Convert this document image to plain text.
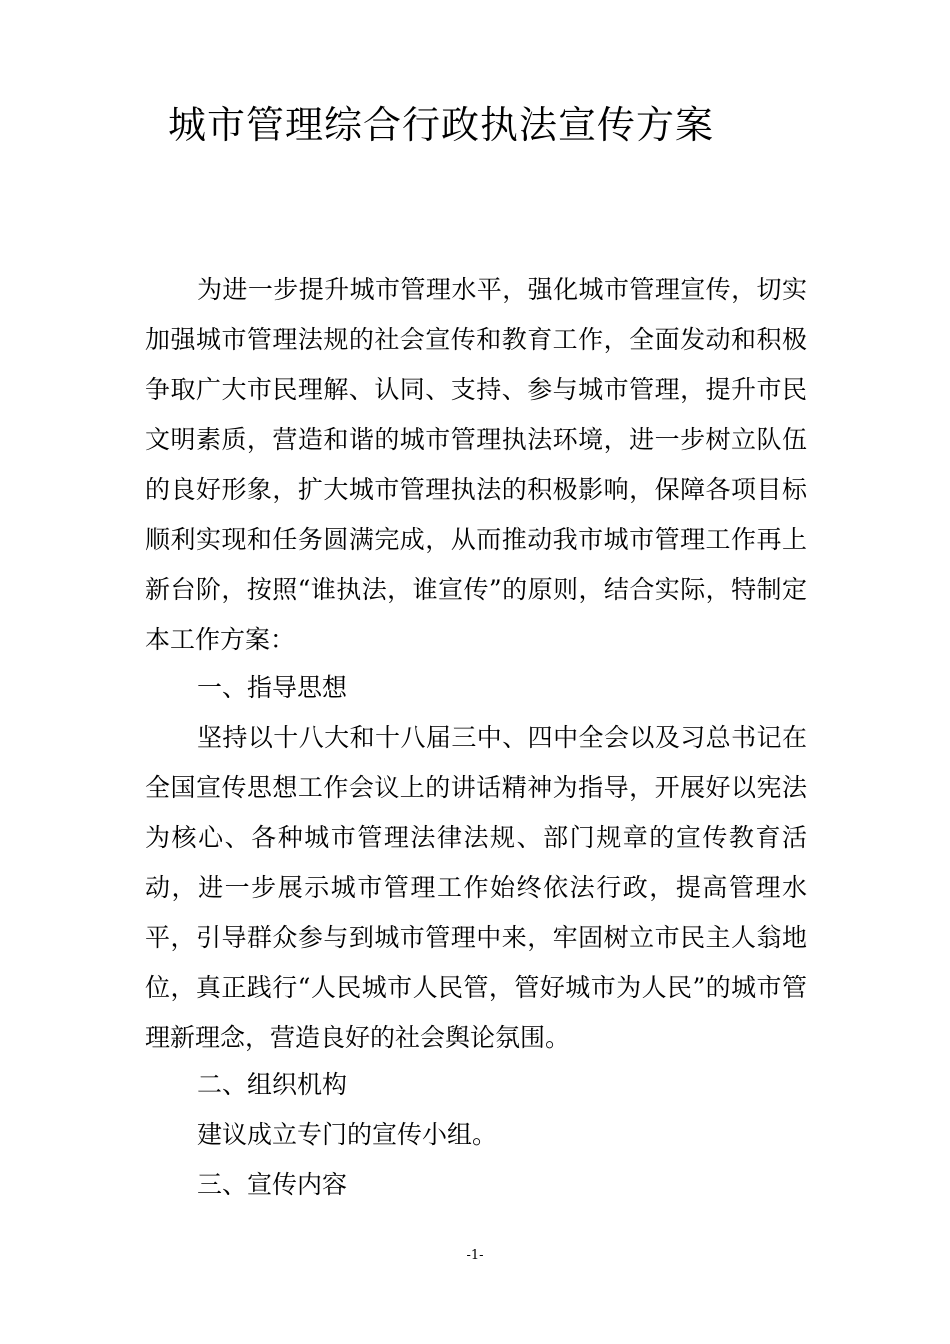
城市管理综合行政执法宣传方案
为进一步提升城市管理水平，强化城市管理宣传，切实加强城市管理法规的社会宣传和教育工作，全面发动和积极争取广大市民理解、认同、支持、参与城市管理，提升市民文明素质，营造和谐的城市管理执法环境，进一步树立队伍的良好形象，扩大城市管理执法的积极影响，保障各项目标顺利实现和任务圆满完成，从而推动我市城市管理工作再上新台阶，按照“谁执法，谁宣传”的原则，结合实际，特制定本工作方案：
一、指导思想
坚持以十八大和十八届三中、四中全会以及习总书记在全国宣传思想工作会议上的讲话精神为指导，开展好以宪法为核心、各种城市管理法律法规、部门规章的宣传教育活动，进一步展示城市管理工作始终依法行政，提高管理水平，引导群众参与到城市管理中来，牢固树立市民主人翁地位，真正践行“人民城市人民管，管好城市为人民”的城市管理新理念，营造良好的社会舆论氛围。
二、组织机构
建议成立专门的宣传小组。
三、宣传内容
-1-
